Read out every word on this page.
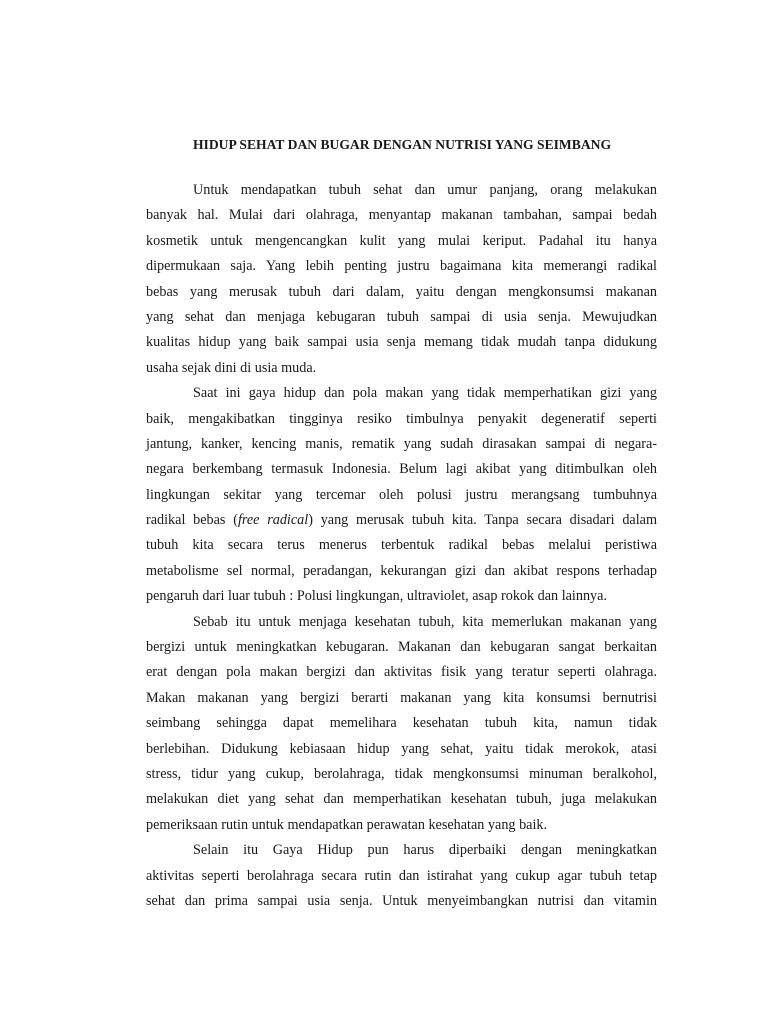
HIDUP SEHAT DAN BUGAR DENGAN NUTRISI YANG SEIMBANG
Untuk mendapatkan tubuh sehat dan umur panjang, orang melakukan
banyak hal. Mulai dari olahraga, menyantap makanan tambahan, sampai bedah
kosmetik untuk mengencangkan kulit yang mulai keriput. Padahal itu hanya
dipermukaan saja. Yang lebih penting justru bagaimana kita memerangi radikal
bebas yang merusak tubuh dari dalam, yaitu dengan mengkonsumsi makanan
yang sehat dan menjaga kebugaran tubuh sampai di usia senja. Mewujudkan
kualitas hidup yang baik sampai usia senja memang tidak mudah tanpa didukung
usaha sejak dini di usia muda.
Saat ini gaya hidup dan pola makan yang tidak memperhatikan gizi yang
baik, mengakibatkan tingginya resiko timbulnya penyakit degeneratif seperti
jantung, kanker, kencing manis, rematik yang sudah dirasakan sampai di negara-
negara berkembang termasuk Indonesia. Belum lagi akibat yang ditimbulkan oleh
lingkungan sekitar yang tercemar oleh polusi justru merangsang tumbuhnya
radikal bebas (free radical) yang merusak tubuh kita. Tanpa secara disadari dalam
tubuh kita secara terus menerus terbentuk radikal bebas melalui peristiwa
metabolisme sel normal, peradangan, kekurangan gizi dan akibat respons terhadap
pengaruh dari luar tubuh : Polusi lingkungan, ultraviolet, asap rokok dan lainnya.
Sebab itu untuk menjaga kesehatan tubuh, kita memerlukan makanan yang
bergizi untuk meningkatkan kebugaran. Makanan dan kebugaran sangat berkaitan
erat dengan pola makan bergizi dan aktivitas fisik yang teratur seperti olahraga.
Makan makanan yang bergizi berarti makanan yang kita konsumsi bernutrisi
seimbang sehingga dapat memelihara kesehatan tubuh kita, namun tidak
berlebihan. Didukung kebiasaan hidup yang sehat, yaitu tidak merokok, atasi
stress, tidur yang cukup, berolahraga, tidak mengkonsumsi minuman beralkohol,
melakukan diet yang sehat dan memperhatikan kesehatan tubuh, juga melakukan
pemeriksaan rutin untuk mendapatkan perawatan kesehatan yang baik.
Selain itu Gaya Hidup pun harus diperbaiki dengan meningkatkan
aktivitas seperti berolahraga secara rutin dan istirahat yang cukup agar tubuh tetap
sehat dan prima sampai usia senja. Untuk menyeimbangkan nutrisi dan vitamin
